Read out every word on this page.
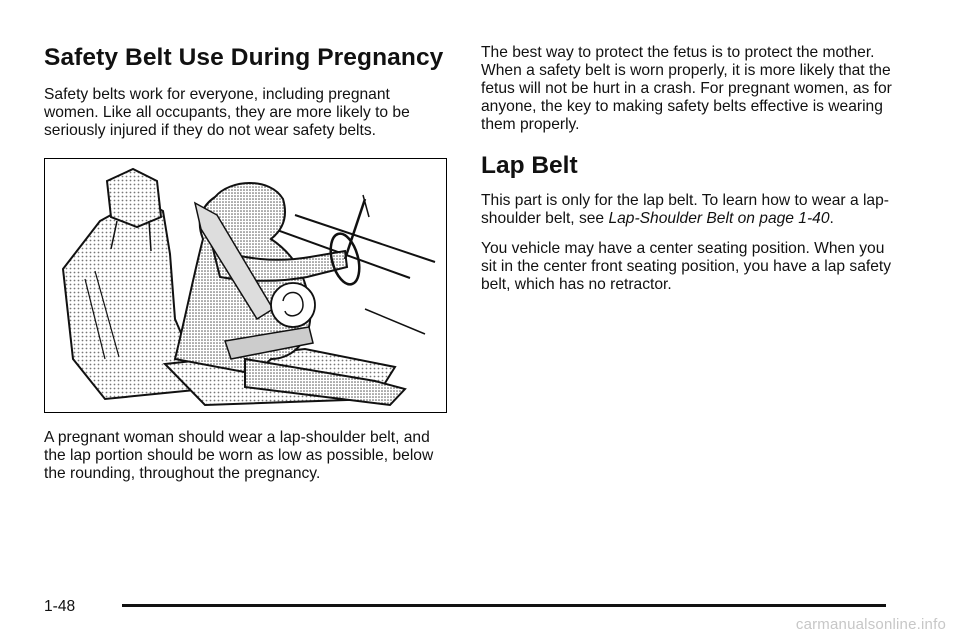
Safety Belt Use During Pregnancy

Safety belts work for everyone, including pregnant women. Like all occupants, they are more likely to be seriously injured if they do not wear safety belts.

A pregnant woman should wear a lap-shoulder belt, and the lap portion should be worn as low as possible, below the rounding, throughout the pregnancy.

The best way to protect the fetus is to protect the mother. When a safety belt is worn properly, it is more likely that the fetus will not be hurt in a crash. For pregnant women, as for anyone, the key to making safety belts effective is wearing them properly.

Lap Belt

This part is only for the lap belt. To learn how to wear a lap-shoulder belt, see Lap-Shoulder Belt on page 1-40.

You vehicle may have a center seating position. When you sit in the center front seating position, you have a lap safety belt, which has no retractor.

1-48
carmanualsonline.info
